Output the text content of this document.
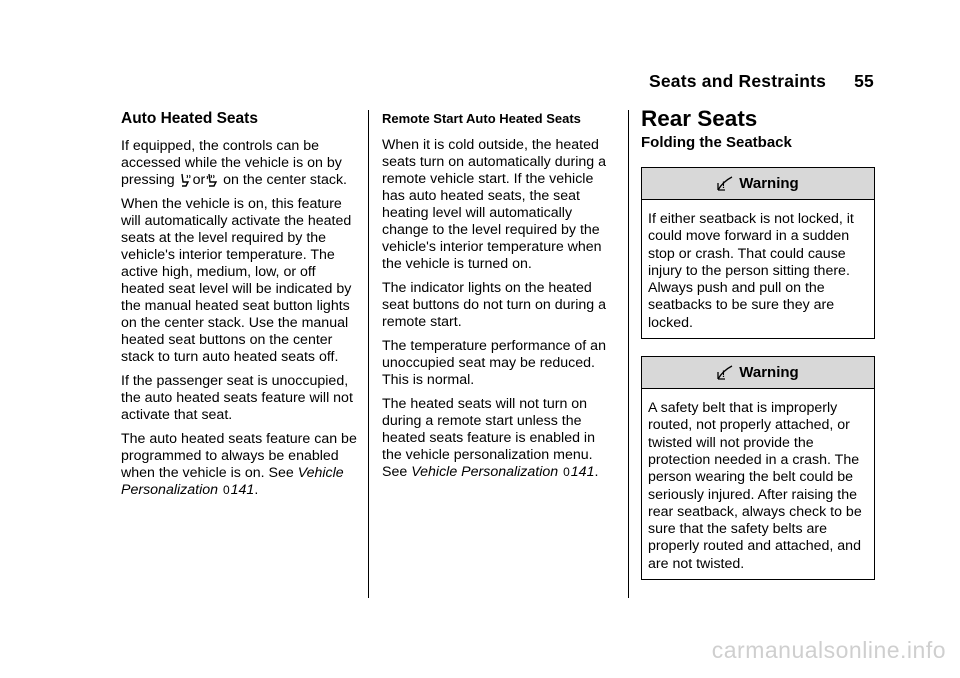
Seats and Restraints 55
Auto Heated Seats

If equipped, the controls can be accessed while the vehicle is on by pressing or on the center stack.

When the vehicle is on, this feature will automatically activate the heated seats at the level required by the vehicle's interior temperature. The active high, medium, low, or off heated seat level will be indicated by the manual heated seat button lights on the center stack. Use the manual heated seat buttons on the center stack to turn auto heated seats off.

If the passenger seat is unoccupied, the auto heated seats feature will not activate that seat.

The auto heated seats feature can be programmed to always be enabled when the vehicle is on. See Vehicle Personalization 0141.

Remote Start Auto Heated Seats

When it is cold outside, the heated seats turn on automatically during a remote vehicle start. If the vehicle has auto heated seats, the seat heating level will automatically change to the level required by the vehicle's interior temperature when the vehicle is turned on.

The indicator lights on the heated seat buttons do not turn on during a remote start.

The temperature performance of an unoccupied seat may be reduced. This is normal.

The heated seats will not turn on during a remote start unless the heated seats feature is enabled in the vehicle personalization menu. See Vehicle Personalization 0141.

Rear Seats
Folding the Seatback
! Warning
If either seatback is not locked, it could move forward in a sudden stop or crash. That could cause injury to the person sitting there. Always push and pull on the seatbacks to be sure they are locked.
! Warning
A safety belt that is improperly routed, not properly attached, or twisted will not provide the protection needed in a crash. The person wearing the belt could be seriously injured. After raising the rear seatback, always check to be sure that the safety belts are properly routed and attached, and are not twisted.
carmanualsonline.info
